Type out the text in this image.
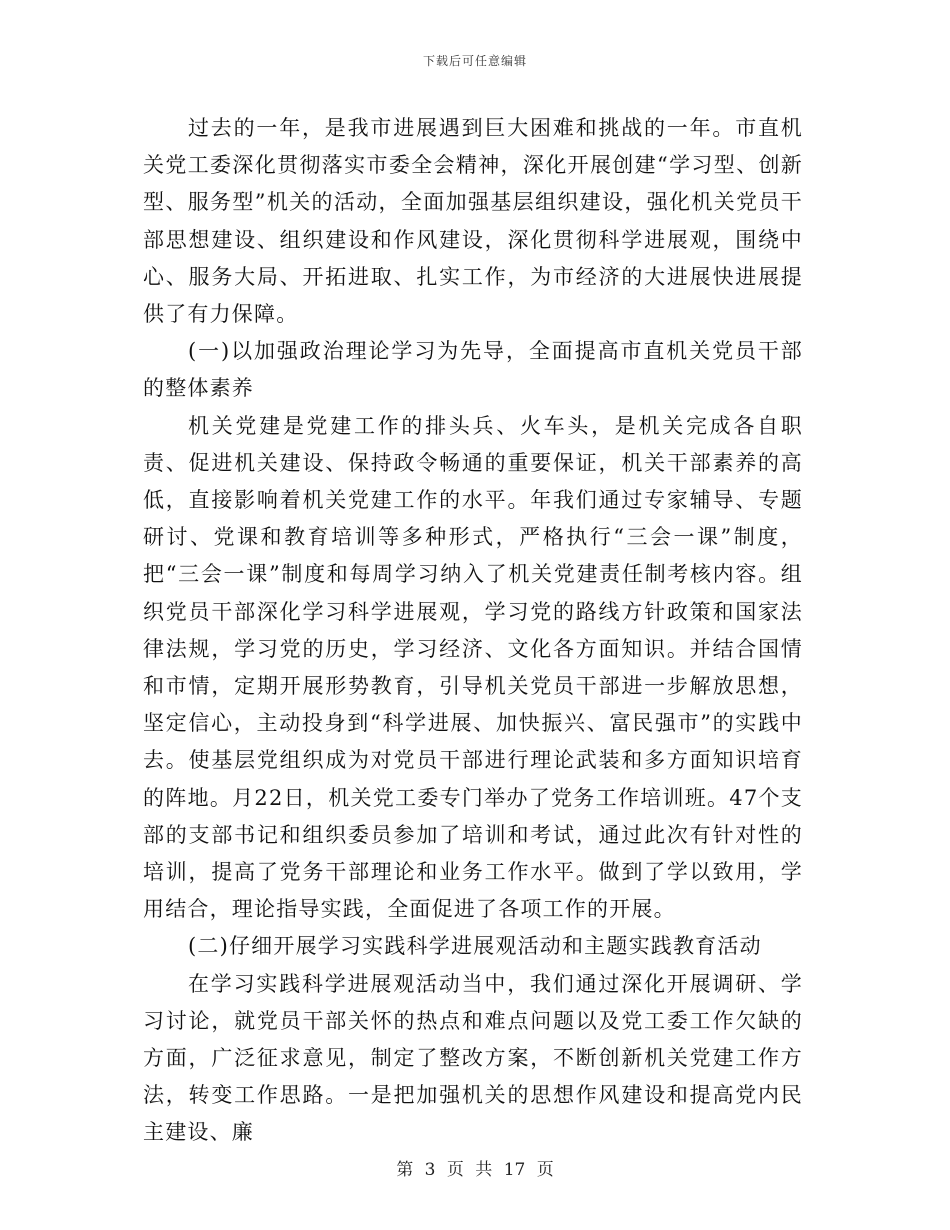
下载后可任意编辑

过去的一年，是我市进展遇到巨大困难和挑战的一年。市直机关党工委深化贯彻落实市委全会精神，深化开展创建“学习型、创新型、服务型”机关的活动，全面加强基层组织建设，强化机关党员干部思想建设、组织建设和作风建设，深化贯彻科学进展观，围绕中心、服务大局、开拓进取、扎实工作，为市经济的大进展快进展提供了有力保障。

(一)以加强政治理论学习为先导，全面提高市直机关党员干部的整体素养

机关党建是党建工作的排头兵、火车头，是机关完成各自职责、促进机关建设、保持政令畅通的重要保证，机关干部素养的高低，直接影响着机关党建工作的水平。年我们通过专家辅导、专题研讨、党课和教育培训等多种形式，严格执行“三会一课”制度，把“三会一课”制度和每周学习纳入了机关党建责任制考核内容。组织党员干部深化学习科学进展观，学习党的路线方针政策和国家法律法规，学习党的历史，学习经济、文化各方面知识。并结合国情和市情，定期开展形势教育，引导机关党员干部进一步解放思想，坚定信心，主动投身到“科学进展、加快振兴、富民强市”的实践中去。使基层党组织成为对党员干部进行理论武装和多方面知识培育的阵地。月22日，机关党工委专门举办了党务工作培训班。47个支部的支部书记和组织委员参加了培训和考试，通过此次有针对性的培训，提高了党务干部理论和业务工作水平。做到了学以致用，学用结合，理论指导实践，全面促进了各项工作的开展。

(二)仔细开展学习实践科学进展观活动和主题实践教育活动

在学习实践科学进展观活动当中，我们通过深化开展调研、学习讨论，就党员干部关怀的热点和难点问题以及党工委工作欠缺的方面，广泛征求意见，制定了整改方案，不断创新机关党建工作方法，转变工作思路。一是把加强机关的思想作风建设和提高党内民主建设、廉

第 3 页 共 17 页
